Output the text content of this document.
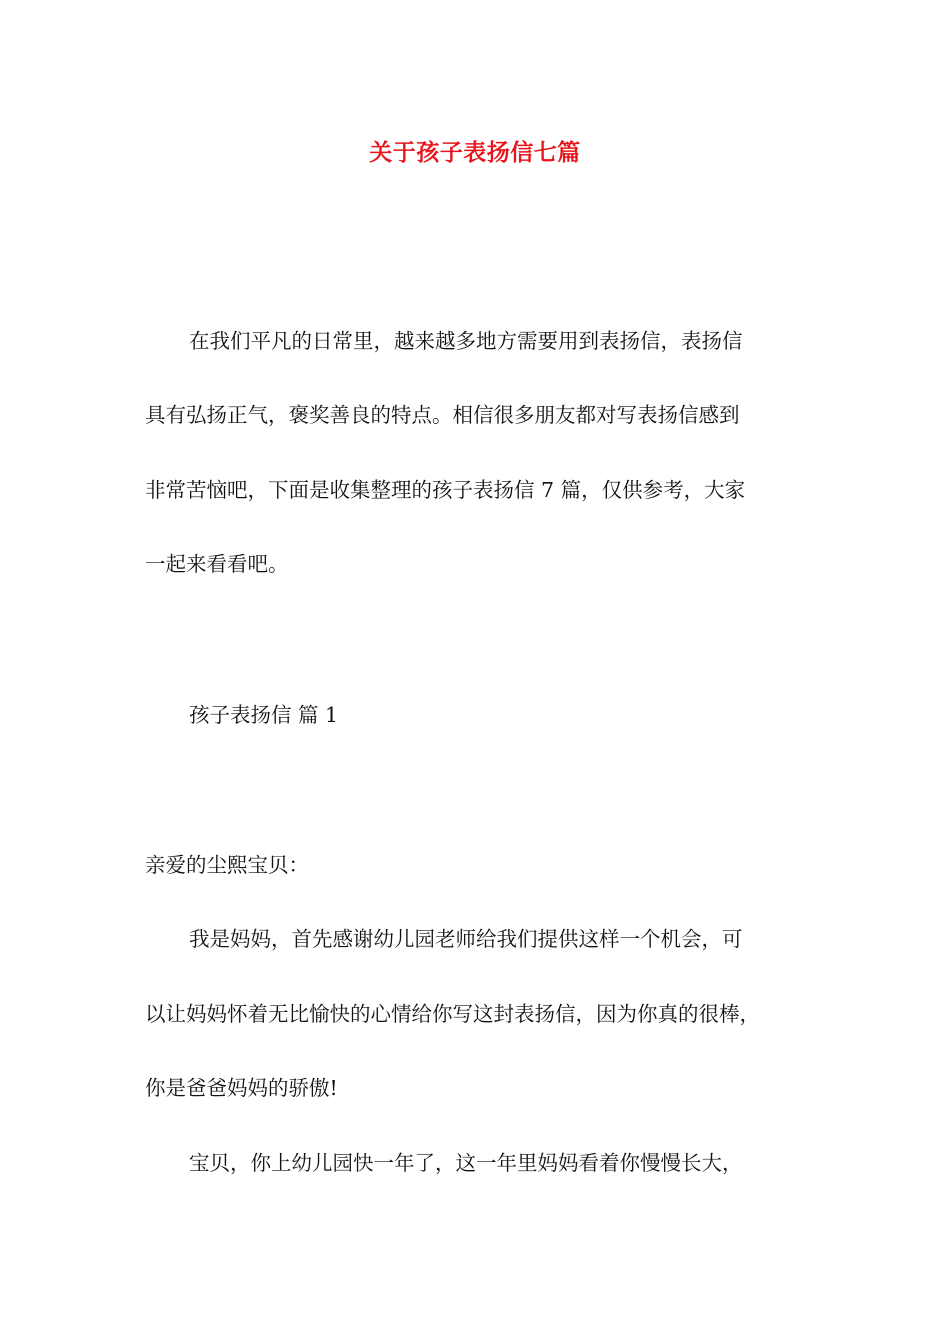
关于孩子表扬信七篇
在我们平凡的日常里，越来越多地方需要用到表扬信，表扬信
具有弘扬正气，褒奖善良的特点。相信很多朋友都对写表扬信感到
非常苦恼吧，下面是收集整理的孩子表扬信 7 篇，仅供参考，大家
一起来看看吧。
孩子表扬信 篇 1
亲爱的尘熙宝贝：
我是妈妈，首先感谢幼儿园老师给我们提供这样一个机会，可
以让妈妈怀着无比愉快的心情给你写这封表扬信，因为你真的很棒，
你是爸爸妈妈的骄傲!
宝贝，你上幼儿园快一年了，这一年里妈妈看着你慢慢长大，
